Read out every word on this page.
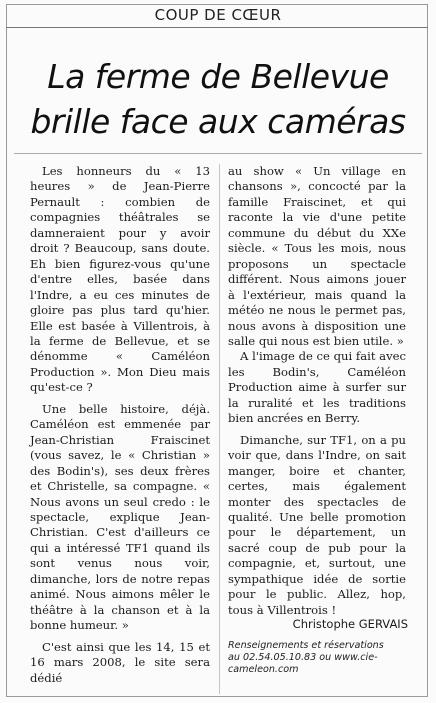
COUP DE CŒUR
La ferme de Bellevue
brille face aux caméras

Les honneurs du « 13 heures » de Jean-Pierre Pernault : combien de compagnies théâtrales se damneraient pour y avoir droit ? Beaucoup, sans doute. Eh bien figurez-vous qu'une d'entre elles, basée dans l'Indre, a eu ces minutes de gloire pas plus tard qu'hier. Elle est basée à Villentrois, à la ferme de Bellevue, et se dénomme « Caméléon Production ». Mon Dieu mais qu'est-ce ?

Une belle histoire, déjà. Caméléon est emmenée par Jean-Christian Fraiscinet (vous savez, le « Christian » des Bodin's), ses deux frères et Christelle, sa compagne. « Nous avons un seul credo : le spectacle, explique Jean-Christian. C'est d'ailleurs ce qui a intéressé TF1 quand ils sont venus nous voir, dimanche, lors de notre repas animé. Nous aimons mêler le théâtre à la chanson et à la bonne humeur. »

C'est ainsi que les 14, 15 et 16 mars 2008, le site sera dédié

au show « Un village en chansons », concocté par la famille Fraiscinet, et qui raconte la vie d'une petite commune du début du XXe siècle. « Tous les mois, nous proposons un spectacle différent. Nous aimons jouer à l'extérieur, mais quand la météo ne nous le permet pas, nous avons à disposition une salle qui nous est bien utile. »

A l'image de ce qui fait avec les Bodin's, Caméléon Production aime à surfer sur la ruralité et les traditions bien ancrées en Berry.

Dimanche, sur TF1, on a pu voir que, dans l'Indre, on sait manger, boire et chanter, certes, mais également monter des spectacles de qualité. Une belle promotion pour le département, un sacré coup de pub pour la compagnie, et, surtout, une sympathique idée de sortie pour le public. Allez, hop, tous à Villentrois !

Christophe GERVAIS
Renseignements et réservations
au 02.54.05.10.83 ou www.cie-cameleon.com
